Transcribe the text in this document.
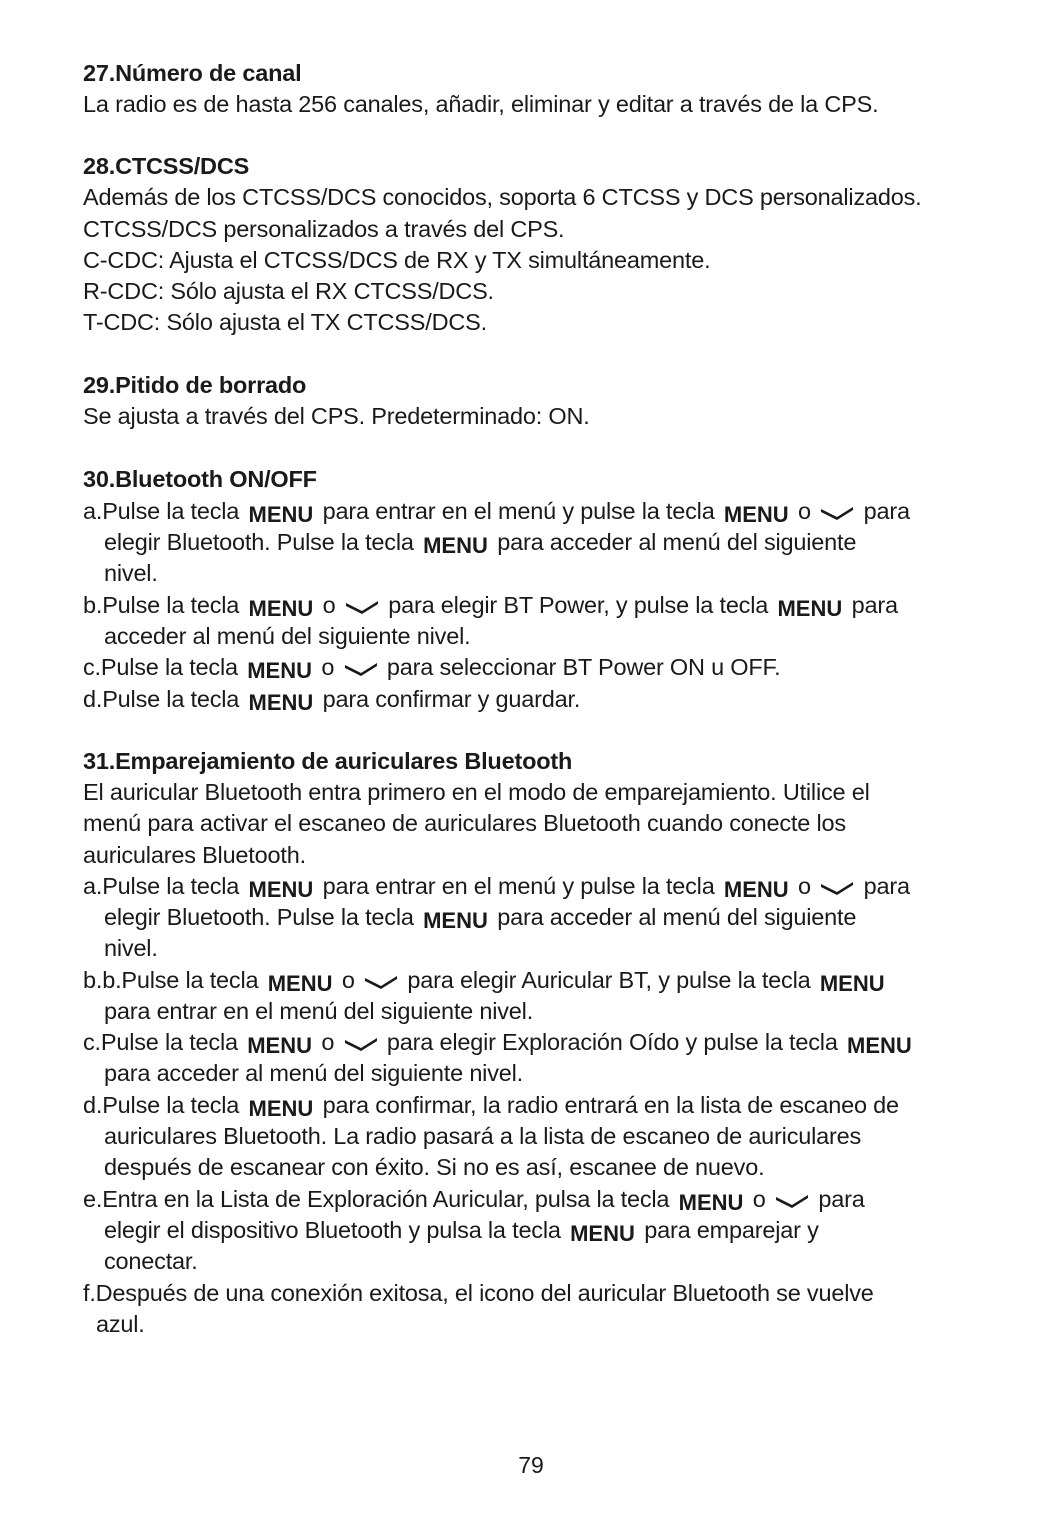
27.Número de canal
La radio es de hasta 256 canales, añadir, eliminar y editar a través de la CPS.
28.CTCSS/DCS
Además de los CTCSS/DCS conocidos, soporta 6 CTCSS y DCS personalizados.
CTCSS/DCS personalizados a través del CPS.
C-CDC: Ajusta el CTCSS/DCS de RX y TX simultáneamente.
R-CDC: Sólo ajusta el RX CTCSS/DCS.
T-CDC: Sólo ajusta el TX CTCSS/DCS.
29.Pitido de borrado
Se ajusta a través del CPS. Predeterminado: ON.
30.Bluetooth ON/OFF
a.Pulse la tecla MENU para entrar en el menú y pulse la tecla MENU o para
elegir Bluetooth. Pulse la tecla MENU para acceder al menú del siguiente
nivel.
b.Pulse la tecla MENU o para elegir BT Power, y pulse la tecla MENU para
acceder al menú del siguiente nivel.
c.Pulse la tecla MENU o para seleccionar BT Power ON u OFF.
d.Pulse la tecla MENU para confirmar y guardar.
31.Emparejamiento de auriculares Bluetooth
El auricular Bluetooth entra primero en el modo de emparejamiento. Utilice el
menú para activar el escaneo de auriculares Bluetooth cuando conecte los
auriculares Bluetooth.
a.Pulse la tecla MENU para entrar en el menú y pulse la tecla MENU o para
elegir Bluetooth. Pulse la tecla MENU para acceder al menú del siguiente
nivel.
b.b.Pulse la tecla MENU o para elegir Auricular BT, y pulse la tecla MENU
para entrar en el menú del siguiente nivel.
c.Pulse la tecla MENU o para elegir Exploración Oído y pulse la tecla MENU
para acceder al menú del siguiente nivel.
d.Pulse la tecla MENU para confirmar, la radio entrará en la lista de escaneo de
auriculares Bluetooth. La radio pasará a la lista de escaneo de auriculares
después de escanear con éxito. Si no es así, escanee de nuevo.
e.Entra en la Lista de Exploración Auricular, pulsa la tecla MENU o para
elegir el dispositivo Bluetooth y pulsa la tecla MENU para emparejar y
conectar.
f.Después de una conexión exitosa, el icono del auricular Bluetooth se vuelve
azul.
79
